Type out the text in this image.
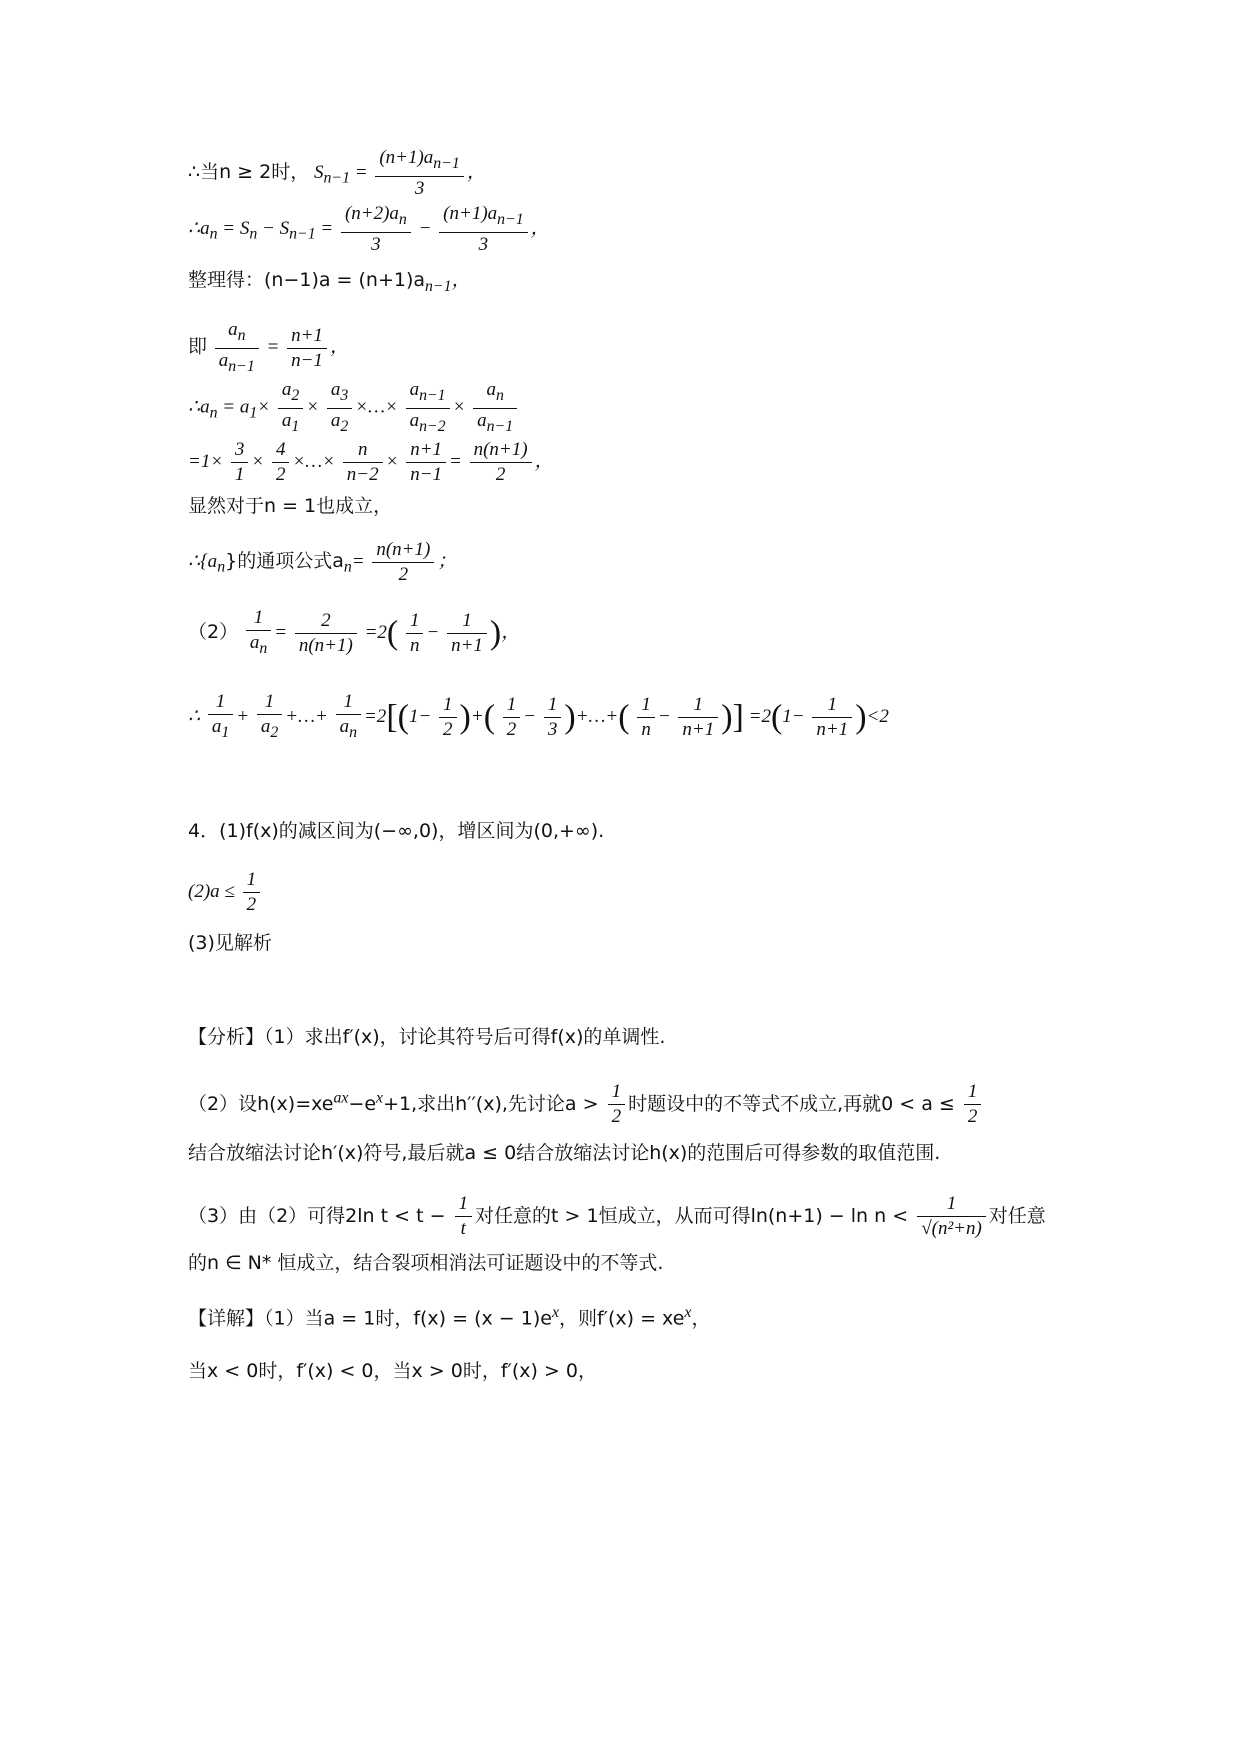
∴当n ≥ 2时， $S_{n-1} = \frac{(n+1)a_{n-1}}{3}$ ，
$\therefore a_n = S_n - S_{n-1} = \frac{(n+2)a_n}{3} - \frac{(n+1)a_{n-1}}{3}$ ，
整理得：$(n-1)a = (n+1)a_{n-1}$，
即 $\frac{a_n}{a_{n-1}} = \frac{n+1}{n-1}$ ，
$\therefore a_n = a_1\times \frac{a_2}{a_1} \times \frac{a_3}{a_2}$ ×…× $\frac{a_{n-1}}{a_{n-2}} \times \frac{a_n}{a_{n-1}}$
$=1\times \frac{3}{1} \times \frac{4}{2}$ ×…× $\frac{n}{n-2} \times \frac{n+1}{n-1} = \frac{n(n+1)}{2}$ ，
显然对于n = 1也成立，
$\therefore\{a_n\}$的通项公式$a_n= \frac{n(n+1)}{2}$ ；
$(2) \frac{1}{a_n} = \frac{2}{n(n+1)} =2( \frac{1}{n} - \frac{1}{n+1}$ )，
∴ $\frac{1}{a_1} + \frac{1}{a_2}$ +…+ $\frac{1}{a_n} =2[(1- \frac{1}{2}$ )+( $\frac{1}{2} - \frac{1}{3}$ )+…+( $\frac{1}{n} - \frac{1}{n+1}$ )] $=2(1- \frac{1}{n+1} )<2$
4．(1)f(x)的减区间为(−∞,0)，增区间为(0,+∞).
$(2)a \le \frac{1}{2}$
(3)见解析
【分析】（1）求出f′(x)，讨论其符号后可得f(x)的单调性.
（2）设$h(x)=xe^{ax}-e^x+1$,求出h′′(x),先讨论$a > \frac{1}{2}$ 时题设中的不等式不成立,再就$0 < a \le \frac{1}{2}$
结合放缩法讨论h′(x)符号,最后就a ≤ 0结合放缩法讨论h(x)的范围后可得参数的取值范围.
（3）由（2）可得2ln $t < t - \frac{1}{t}$ 对任意的t > 1恒成立，从而可得$\ln(n+1) - \ln n < \frac{1}{\text{√(n²+n)}}$ 对任意
的n ∈ N* 恒成立，结合裂项相消法可证题设中的不等式.
【详解】（1）当a = 1时，$f(x) = (x - 1)e^x$，则$f'(x) = xe^x$，
当x < 0时，f′(x) < 0，当x > 0时，f′(x) > 0，
